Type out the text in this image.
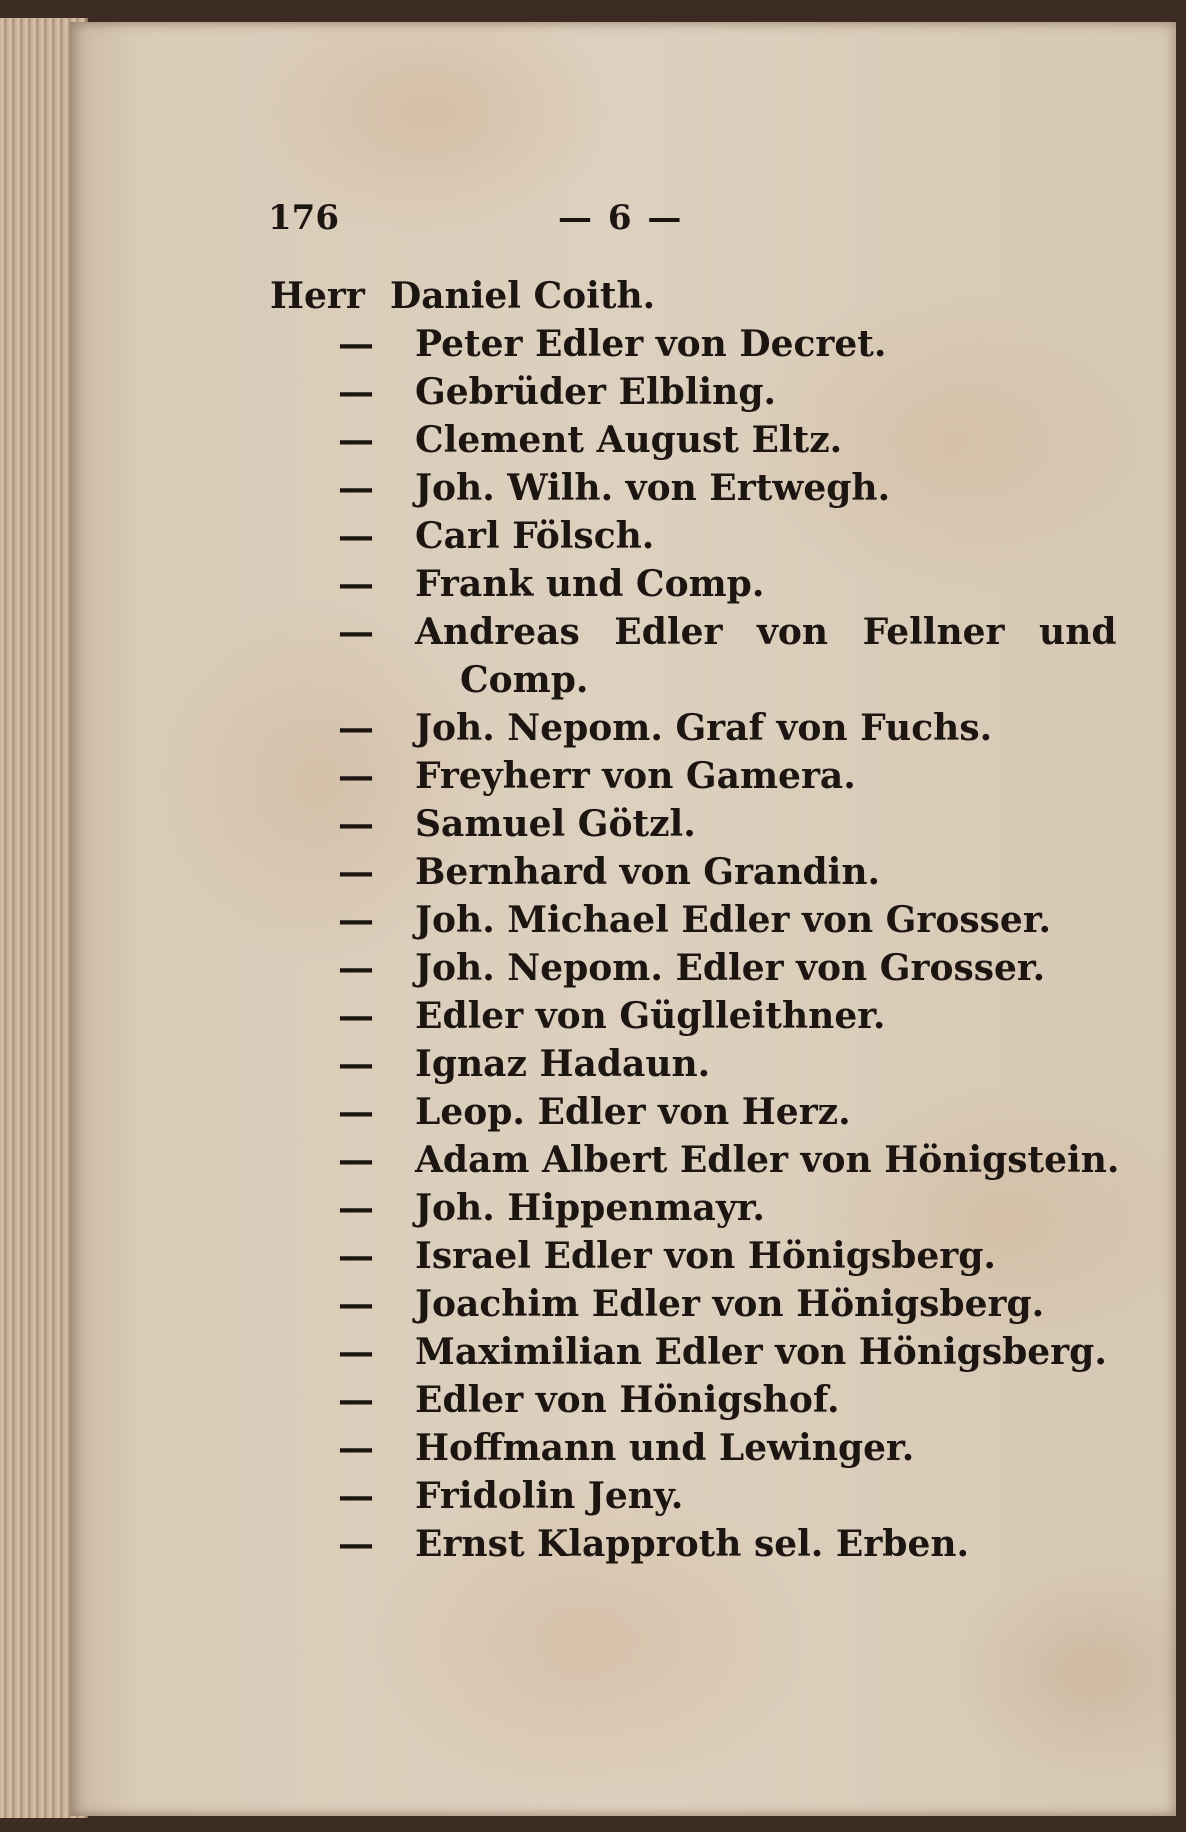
176	— 6 —
Herr Daniel Coith.
— Peter Edler von Decret.
— Gebrüder Elbling.
— Clement August Eltz.
— Joh. Wilh. von Ertwegh.
— Carl Fölsch.
— Frank und Comp.
— Andreas Edler von Fellner und
Comp.
— Joh. Nepom. Graf von Fuchs.
— Freyherr von Gamera.
— Samuel Götzl.
— Bernhard von Grandin.
— Joh. Michael Edler von Grosser.
— Joh. Nepom. Edler von Grosser.
— Edler von Güglleithner.
— Ignaz Hadaun.
— Leop. Edler von Herz.
— Adam Albert Edler von Hönigstein.
— Joh. Hippenmayr.
— Israel Edler von Hönigsberg.
— Joachim Edler von Hönigsberg.
— Maximilian Edler von Hönigsberg.
— Edler von Hönigshof.
— Hoffmann und Lewinger.
— Fridolin Jeny.
— Ernst Klapproth sel. Erben.
